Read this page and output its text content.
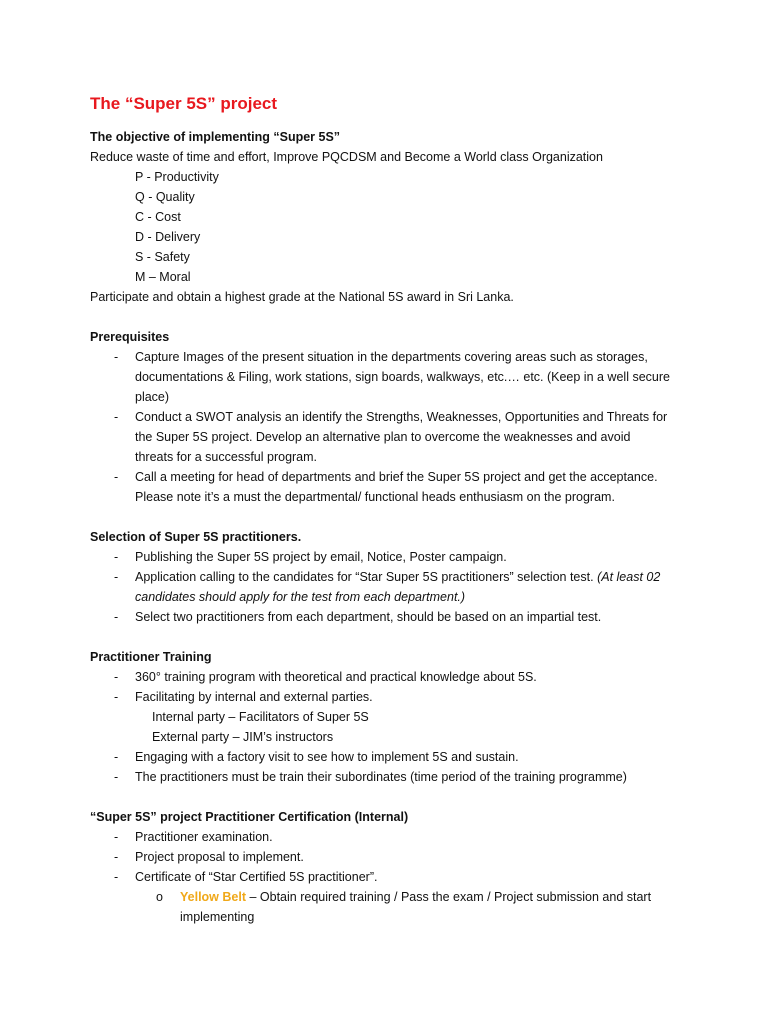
The “Super 5S” project
The objective of implementing “Super 5S”
Reduce waste of time and effort, Improve PQCDSM and Become a World class Organization
P - Productivity
Q - Quality
C - Cost
D - Delivery
S - Safety
M – Moral
Participate and obtain a highest grade at the National 5S award in Sri Lanka.
Prerequisites
- Capture Images of the present situation in the departments covering areas such as storages,
documentations & Filing, work stations, sign boards, walkways, etc.… etc. (Keep in a well secure
place)
- Conduct a SWOT analysis an identify the Strengths, Weaknesses, Opportunities and Threats for
the Super 5S project. Develop an alternative plan to overcome the weaknesses and avoid
threats for a successful program.
- Call a meeting for head of departments and brief the Super 5S project and get the acceptance.
Please note it’s a must the departmental/ functional heads enthusiasm on the program.
Selection of Super 5S practitioners.
- Publishing the Super 5S project by email, Notice, Poster campaign.
- Application calling to the candidates for “Star Super 5S practitioners” selection test. (At least 02
candidates should apply for the test from each department.)
- Select two practitioners from each department, should be based on an impartial test.
Practitioner Training
- 360° training program with theoretical and practical knowledge about 5S.
- Facilitating by internal and external parties.
Internal party – Facilitators of Super 5S
External party – JIM’s instructors
- Engaging with a factory visit to see how to implement 5S and sustain.
- The practitioners must be train their subordinates (time period of the training programme)
“Super 5S” project Practitioner Certification (Internal)
- Practitioner examination.
- Project proposal to implement.
- Certificate of “Star Certified 5S practitioner”.
o Yellow Belt – Obtain required training / Pass the exam / Project submission and start
implementing
